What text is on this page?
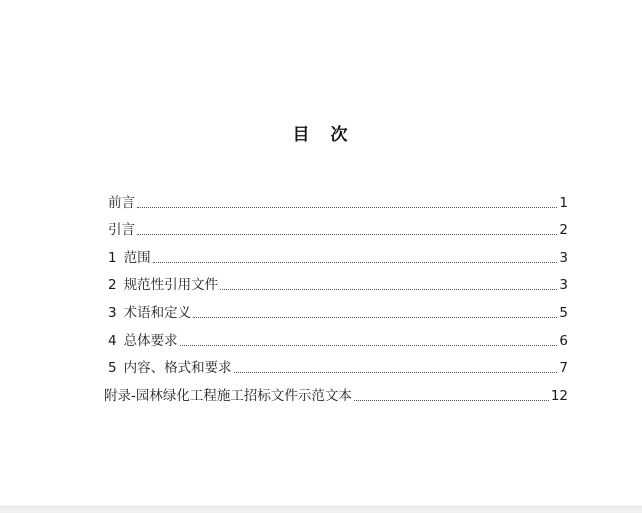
目　次
前言	1
引言	2
1 范围	3
2 规范性引用文件	3
3 术语和定义	5
4 总体要求	6
5 内容、格式和要求	7
附录-园林绿化工程施工招标文件示范文本	12
